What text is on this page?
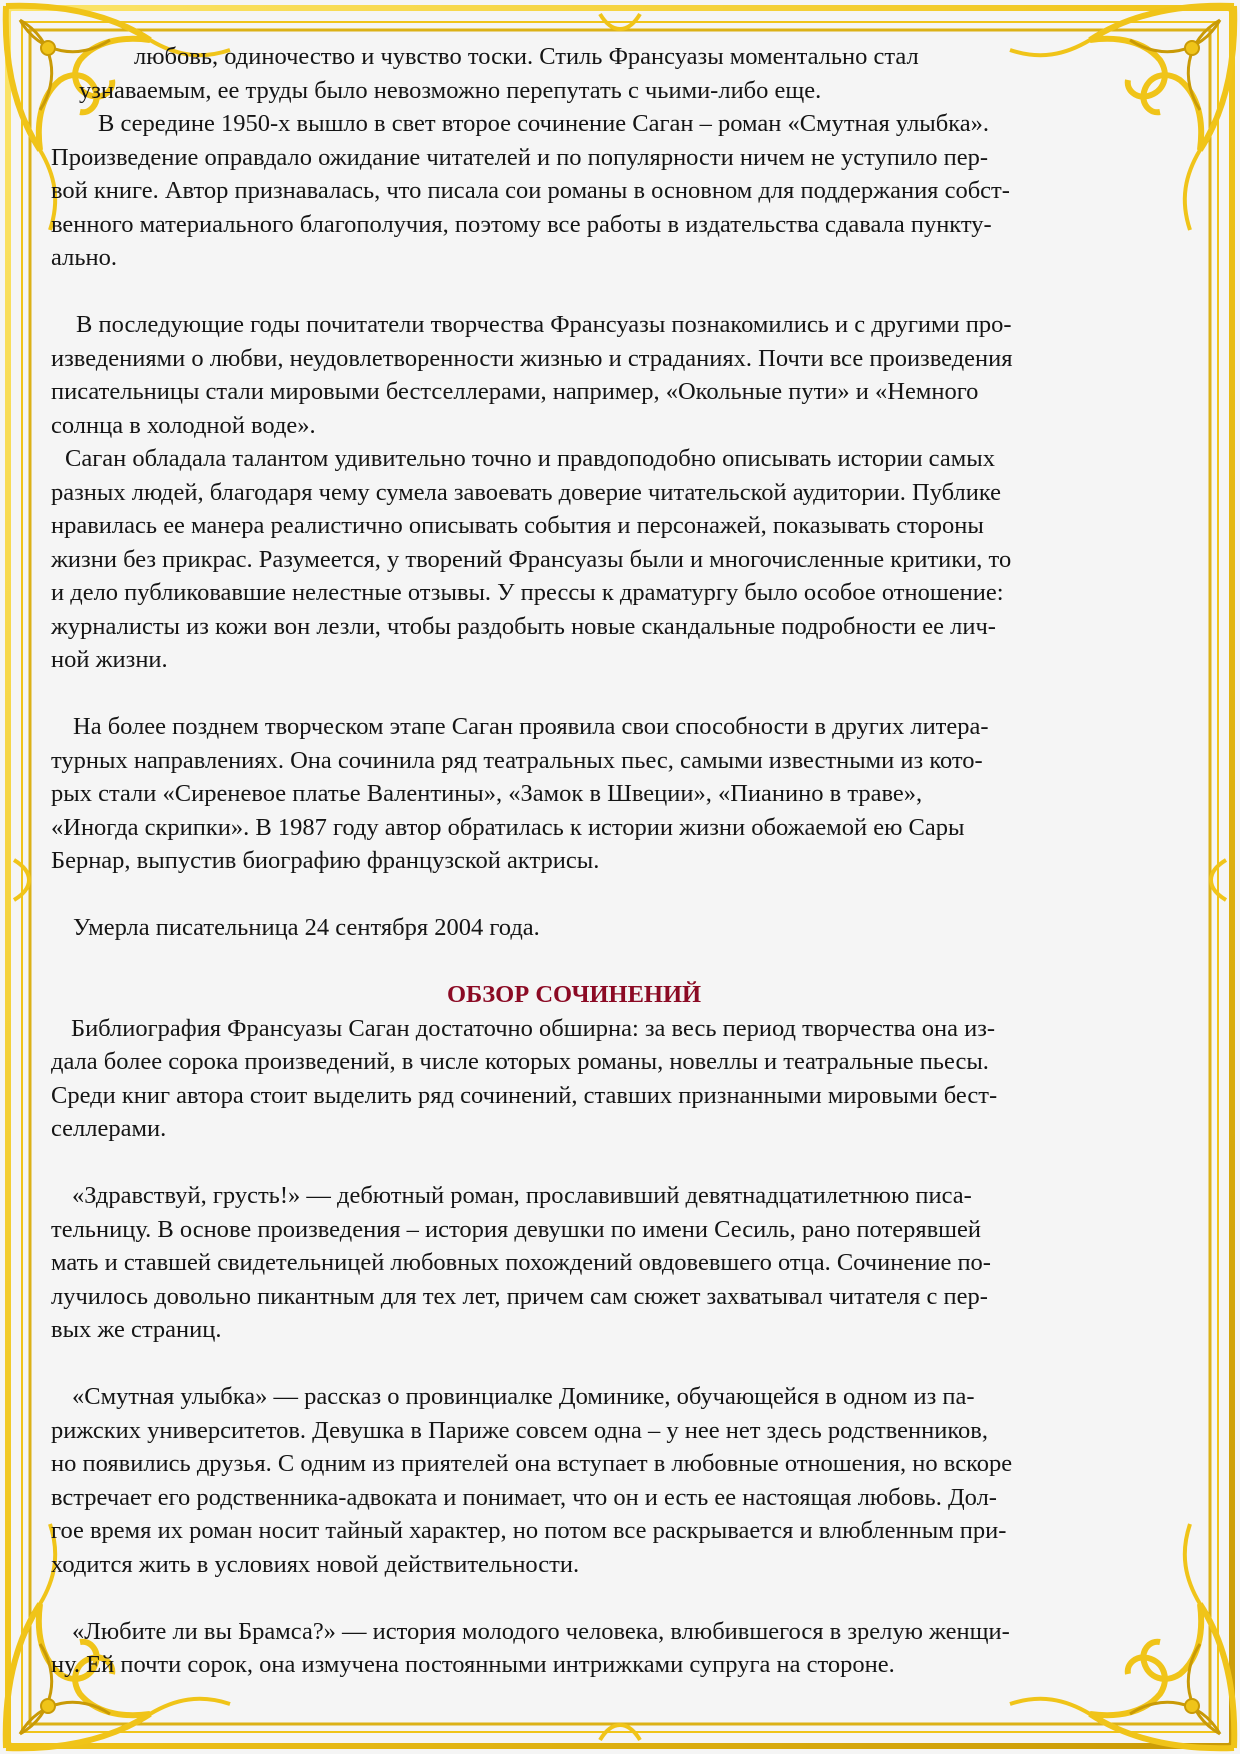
любовь, одиночество и чувство тоски. Стиль Франсуазы моментально стал
узнаваемым, ее труды было невозможно перепутать с чьими-либо еще.
В середине 1950-х вышло в свет второе сочинение Саган – роман «Смутная улыбка».
Произведение оправдало ожидание читателей и по популярности ничем не уступило пер-
вой книге. Автор признавалась, что писала сои романы в основном для поддержания собст-
венного материального благополучия, поэтому все работы в издательства сдавала пункту-
ально.
В последующие годы почитатели творчества Франсуазы познакомились и с другими про-
изведениями о любви, неудовлетворенности жизнью и страданиях. Почти все произведения
писательницы стали мировыми бестселлерами, например, «Окольные пути» и «Немного
солнца в холодной воде».
Саган обладала талантом удивительно точно и правдоподобно описывать истории самых
разных людей, благодаря чему сумела завоевать доверие читательской аудитории. Публике
нравилась ее манера реалистично описывать события и персонажей, показывать стороны
жизни без прикрас. Разумеется, у творений Франсуазы были и многочисленные критики, то
и дело публиковавшие нелестные отзывы. У прессы к драматургу было особое отношение:
журналисты из кожи вон лезли, чтобы раздобыть новые скандальные подробности ее лич-
ной жизни.
На более позднем творческом этапе Саган проявила свои способности в других литера-
турных направлениях. Она сочинила ряд театральных пьес, самыми известными из кото-
рых стали «Сиреневое платье Валентины», «Замок в Швеции», «Пианино в траве»,
«Иногда скрипки». В 1987 году автор обратилась к истории жизни обожаемой ею Сары
Бернар, выпустив биографию французской актрисы.
Умерла писательница 24 сентября 2004 года.
ОБЗОР СОЧИНЕНИЙ
Библиография Франсуазы Саган достаточно обширна: за весь период творчества она из-
дала более сорока произведений, в числе которых романы, новеллы и театральные пьесы.
Среди книг автора стоит выделить ряд сочинений, ставших признанными мировыми бест-
селлерами.
«Здравствуй, грусть!» — дебютный роман, прославивший девятнадцатилетнюю писа-
тельницу. В основе произведения – история девушки по имени Сесиль, рано потерявшей
мать и ставшей свидетельницей любовных похождений овдовевшего отца. Сочинение по-
лучилось довольно пикантным для тех лет, причем сам сюжет захватывал читателя с пер-
вых же страниц.
«Смутная улыбка» — рассказ о провинциалке Доминике, обучающейся в одном из па-
рижских университетов. Девушка в Париже совсем одна – у нее нет здесь родственников,
но появились друзья. С одним из приятелей она вступает в любовные отношения, но вскоре
встречает его родственника-адвоката и понимает, что он и есть ее настоящая любовь. Дол-
гое время их роман носит тайный характер, но потом все раскрывается и влюбленным при-
ходится жить в условиях новой действительности.
«Любите ли вы Брамса?» — история молодого человека, влюбившегося в зрелую женщи-
ну. Ей почти сорок, она измучена постоянными интрижками супруга на стороне.
